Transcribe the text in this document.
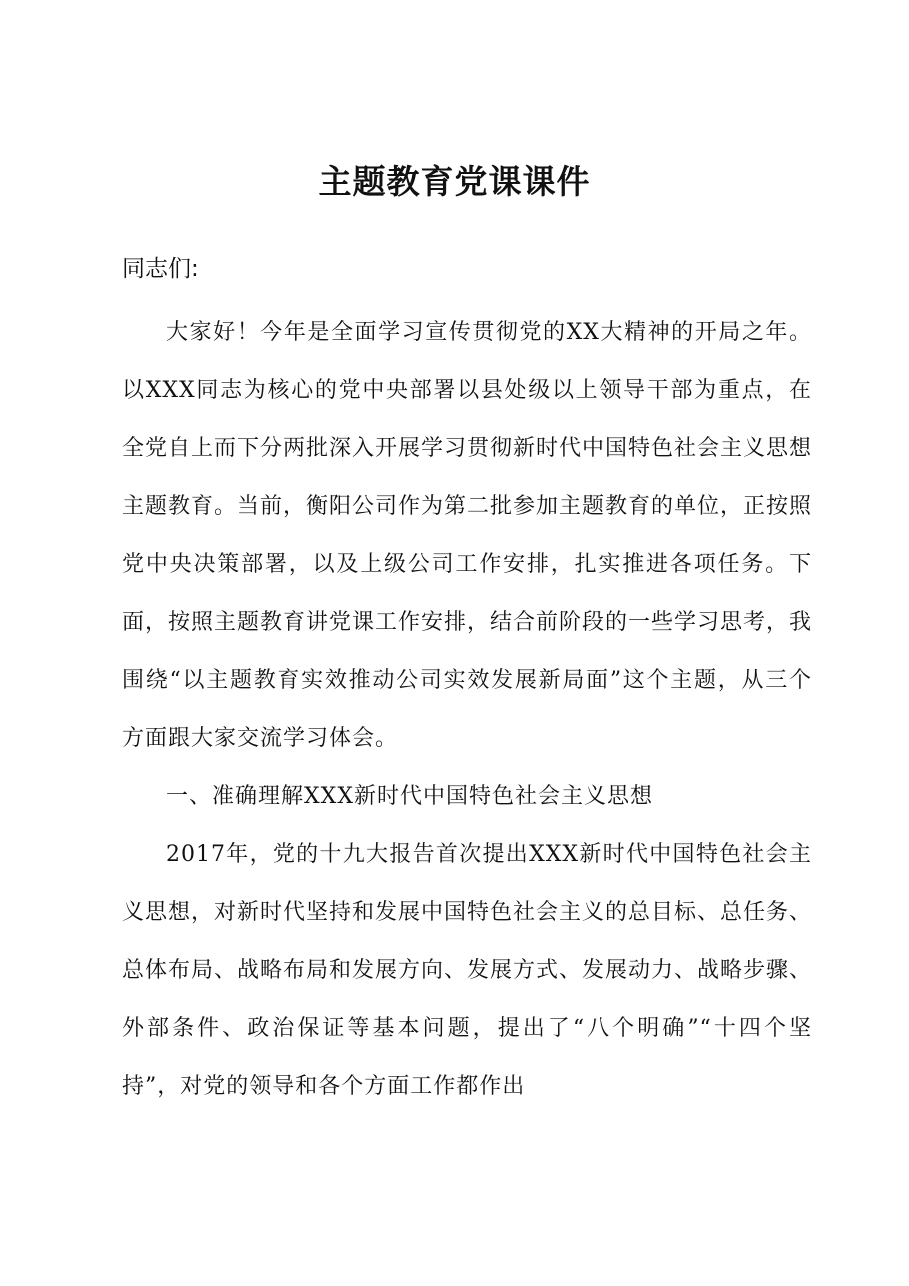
主题教育党课课件
同志们:

大家好！今年是全面学习宣传贯彻党的XX大精神的开局之年。以XXX同志为核心的党中央部署以县处级以上领导干部为重点，在全党自上而下分两批深入开展学习贯彻新时代中国特色社会主义思想主题教育。当前，衡阳公司作为第二批参加主题教育的单位，正按照党中央决策部署，以及上级公司工作安排，扎实推进各项任务。下面，按照主题教育讲党课工作安排，结合前阶段的一些学习思考，我围绕“以主题教育实效推动公司实效发展新局面”这个主题，从三个方面跟大家交流学习体会。

一、准确理解XXX新时代中国特色社会主义思想

2017年，党的十九大报告首次提出XXX新时代中国特色社会主义思想，对新时代坚持和发展中国特色社会主义的总目标、总任务、总体布局、战略布局和发展方向、发展方式、发展动力、战略步骤、外部条件、政治保证等基本问题，提出了“八个明确”“十四个坚持”，对党的领导和各个方面工作都作出
